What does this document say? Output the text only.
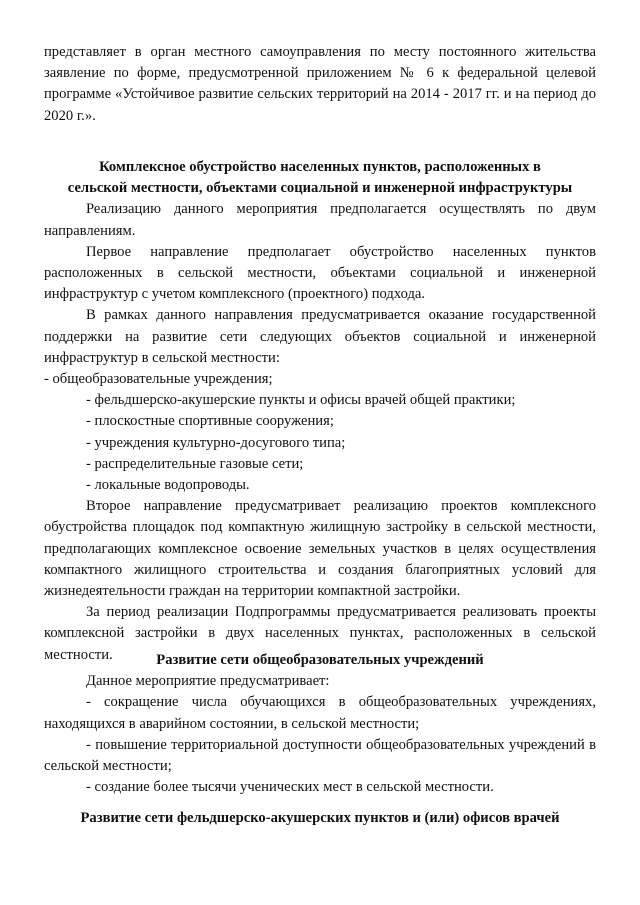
представляет в орган местного самоуправления по месту постоянного жительства заявление по форме, предусмотренной приложением № 6 к федеральной целевой программе «Устойчивое развитие сельских территорий на 2014 - 2017 гг. и на период до 2020 г.».

Комплексное обустройство населенных пунктов, расположенных в

сельской местности, объектами социальной и инженерной инфраструктуры

Реализацию данного мероприятия предполагается осуществлять по двум направлениям.

Первое направление предполагает обустройство населенных пунктов расположенных в сельской местности, объектами социальной и инженерной инфраструктур с учетом комплексного (проектного) подхода.

В рамках данного направления предусматривается оказание государственной поддержки на развитие сети следующих объектов социальной и инженерной инфраструктур в сельской местности:

- общеобразовательные учреждения;

- фельдшерско-акушерские пункты и офисы врачей общей практики;

- плоскостные спортивные сооружения;

- учреждения культурно-досугового типа;

- распределительные газовые сети;

- локальные водопроводы.

Второе направление предусматривает реализацию проектов комплексного обустройства площадок под компактную жилищную застройку в сельской местности, предполагающих комплексное освоение земельных участков в целях осуществления компактного жилищного строительства и создания благоприятных условий для жизнедеятельности граждан на территории компактной застройки.

За период реализации Подпрограммы предусматривается реализовать проекты комплексной застройки в двух населенных пунктах, расположенных в сельской местности.	Развитие сети общеобразовательных учреждений

Данное мероприятие предусматривает:

- сокращение числа обучающихся в общеобразовательных учреждениях, находящихся в аварийном состоянии, в сельской местности;

- повышение территориальной доступности общеобразовательных учреждений в сельской местности;

- создание более тысячи ученических мест в сельской местности.

Развитие сети фельдшерско-акушерских пунктов и (или) офисов врачей
